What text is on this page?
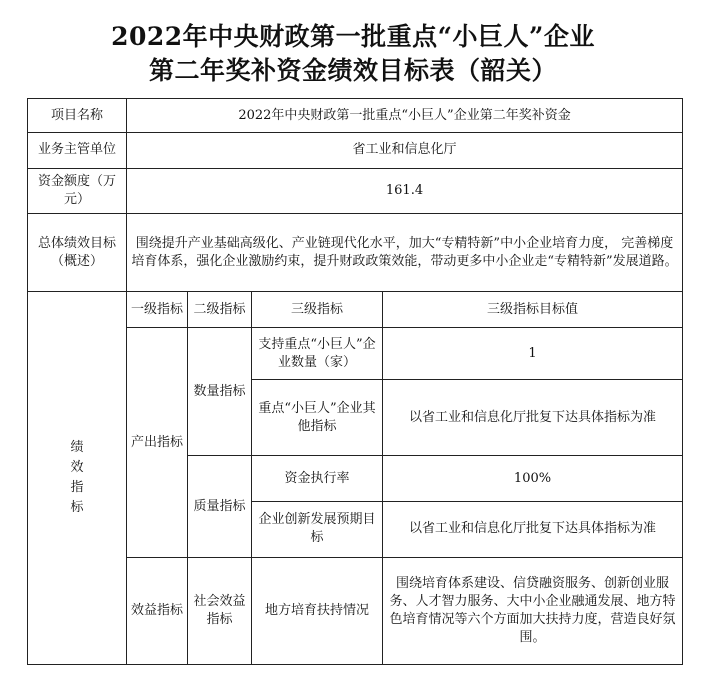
2022年中央财政第一批重点“小巨人”企业
第二年奖补资金绩效目标表（韶关）
项目名称	2022年中央财政第一批重点“小巨人”企业第二年奖补资金			
业务主管单位	省工业和信息化厅			
资金额度（万元）	161.4			
总体绩效目标（概述）	围绕提升产业基础高级化、产业链现代化水平，加大“专精特新”中小企业培育力度， 完善梯度培育体系，强化企业激励约束，提升财政政策效能，带动更多中小企业走“专精特新”发展道路。			
绩效指标	一级指标	二级指标	三级指标	三级指标目标值
	产出指标	数量指标	支持重点“小巨人”企业数量（家）	1
			重点“小巨人”企业其他指标	以省工业和信息化厅批复下达具体指标为准
		质量指标	资金执行率	100%
			企业创新发展预期目标	以省工业和信息化厅批复下达具体指标为准
	效益指标	社会效益指标	地方培育扶持情况	围绕培育体系建设、信贷融资服务、创新创业服务、人才智力服务、大中小企业融通发展、地方特色培育情况等六个方面加大扶持力度，营造良好氛围。
